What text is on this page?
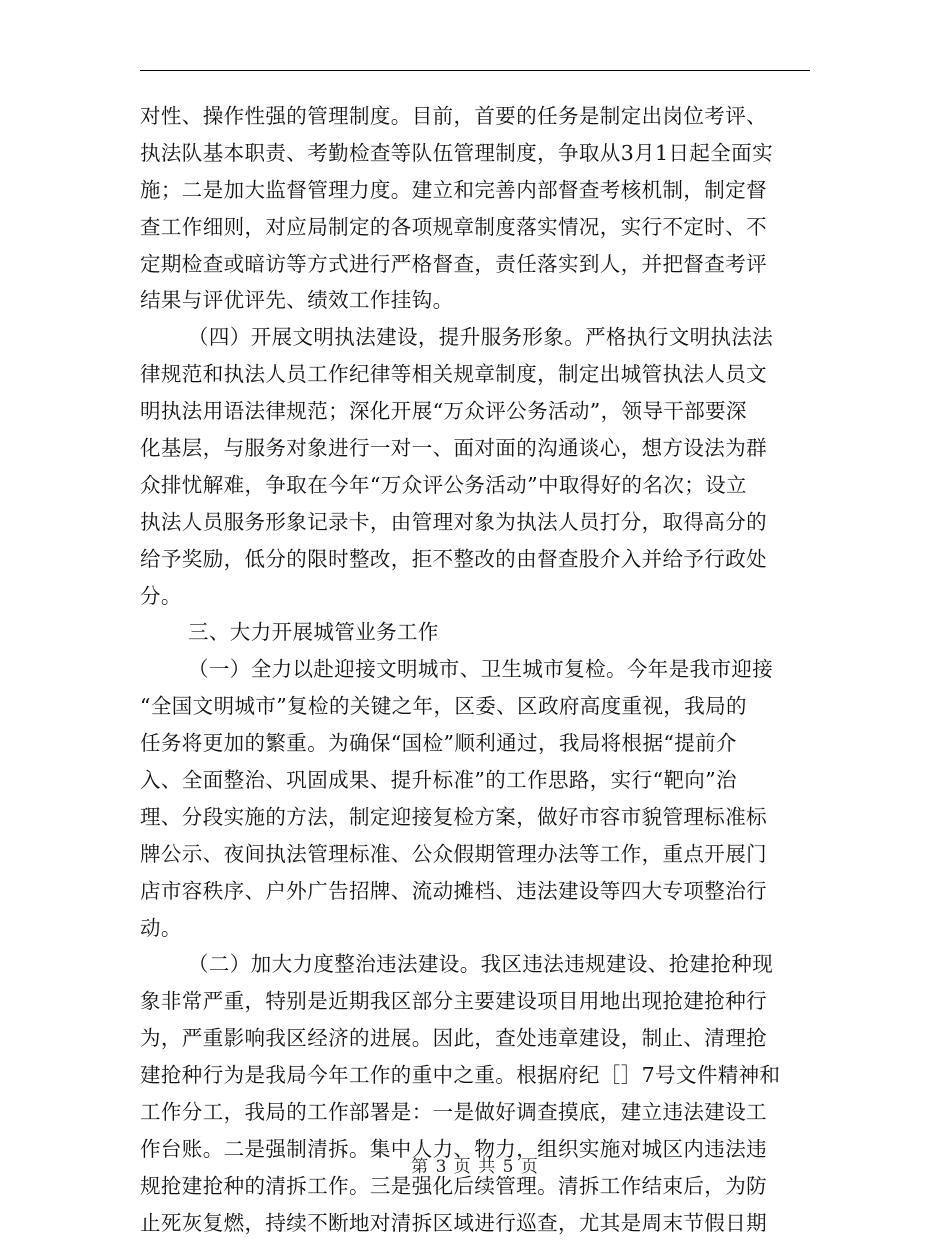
对性、操作性强的管理制度。目前，首要的任务是制定出岗位考评、
执法队基本职责、考勤检查等队伍管理制度，争取从3月1日起全面实
施；二是加大监督管理力度。建立和完善内部督查考核机制，制定督
查工作细则，对应局制定的各项规章制度落实情况，实行不定时、不
定期检查或暗访等方式进行严格督查，责任落实到人，并把督查考评
结果与评优评先、绩效工作挂钩。
（四）开展文明执法建设，提升服务形象。严格执行文明执法法
律规范和执法人员工作纪律等相关规章制度，制定出城管执法人员文
明执法用语法律规范；深化开展“万众评公务活动”，领导干部要深
化基层，与服务对象进行一对一、面对面的沟通谈心，想方设法为群
众排忧解难，争取在今年“万众评公务活动”中取得好的名次；设立
执法人员服务形象记录卡，由管理对象为执法人员打分，取得高分的
给予奖励，低分的限时整改，拒不整改的由督查股介入并给予行政处
分。
三、大力开展城管业务工作
（一）全力以赴迎接文明城市、卫生城市复检。今年是我市迎接
“全国文明城市”复检的关键之年，区委、区政府高度重视，我局的
任务将更加的繁重。为确保“国检”顺利通过，我局将根据“提前介
入、全面整治、巩固成果、提升标准”的工作思路，实行“靶向”治
理、分段实施的方法，制定迎接复检方案，做好市容市貌管理标准标
牌公示、夜间执法管理标准、公众假期管理办法等工作，重点开展门
店市容秩序、户外广告招牌、流动摊档、违法建设等四大专项整治行
动。
（二）加大力度整治违法建设。我区违法违规建设、抢建抢种现
象非常严重，特别是近期我区部分主要建设项目用地出现抢建抢种行
为，严重影响我区经济的进展。因此，查处违章建设，制止、清理抢
建抢种行为是我局今年工作的重中之重。根据府纪［］7号文件精神和
工作分工，我局的工作部署是：一是做好调查摸底，建立违法建设工
作台账。二是强制清拆。集中人力、物力，组织实施对城区内违法违
规抢建抢种的清拆工作。三是强化后续管理。清拆工作结束后，为防
止死灰复燃，持续不断地对清拆区域进行巡查，尤其是周末节假日期
第 3 页 共 5 页
